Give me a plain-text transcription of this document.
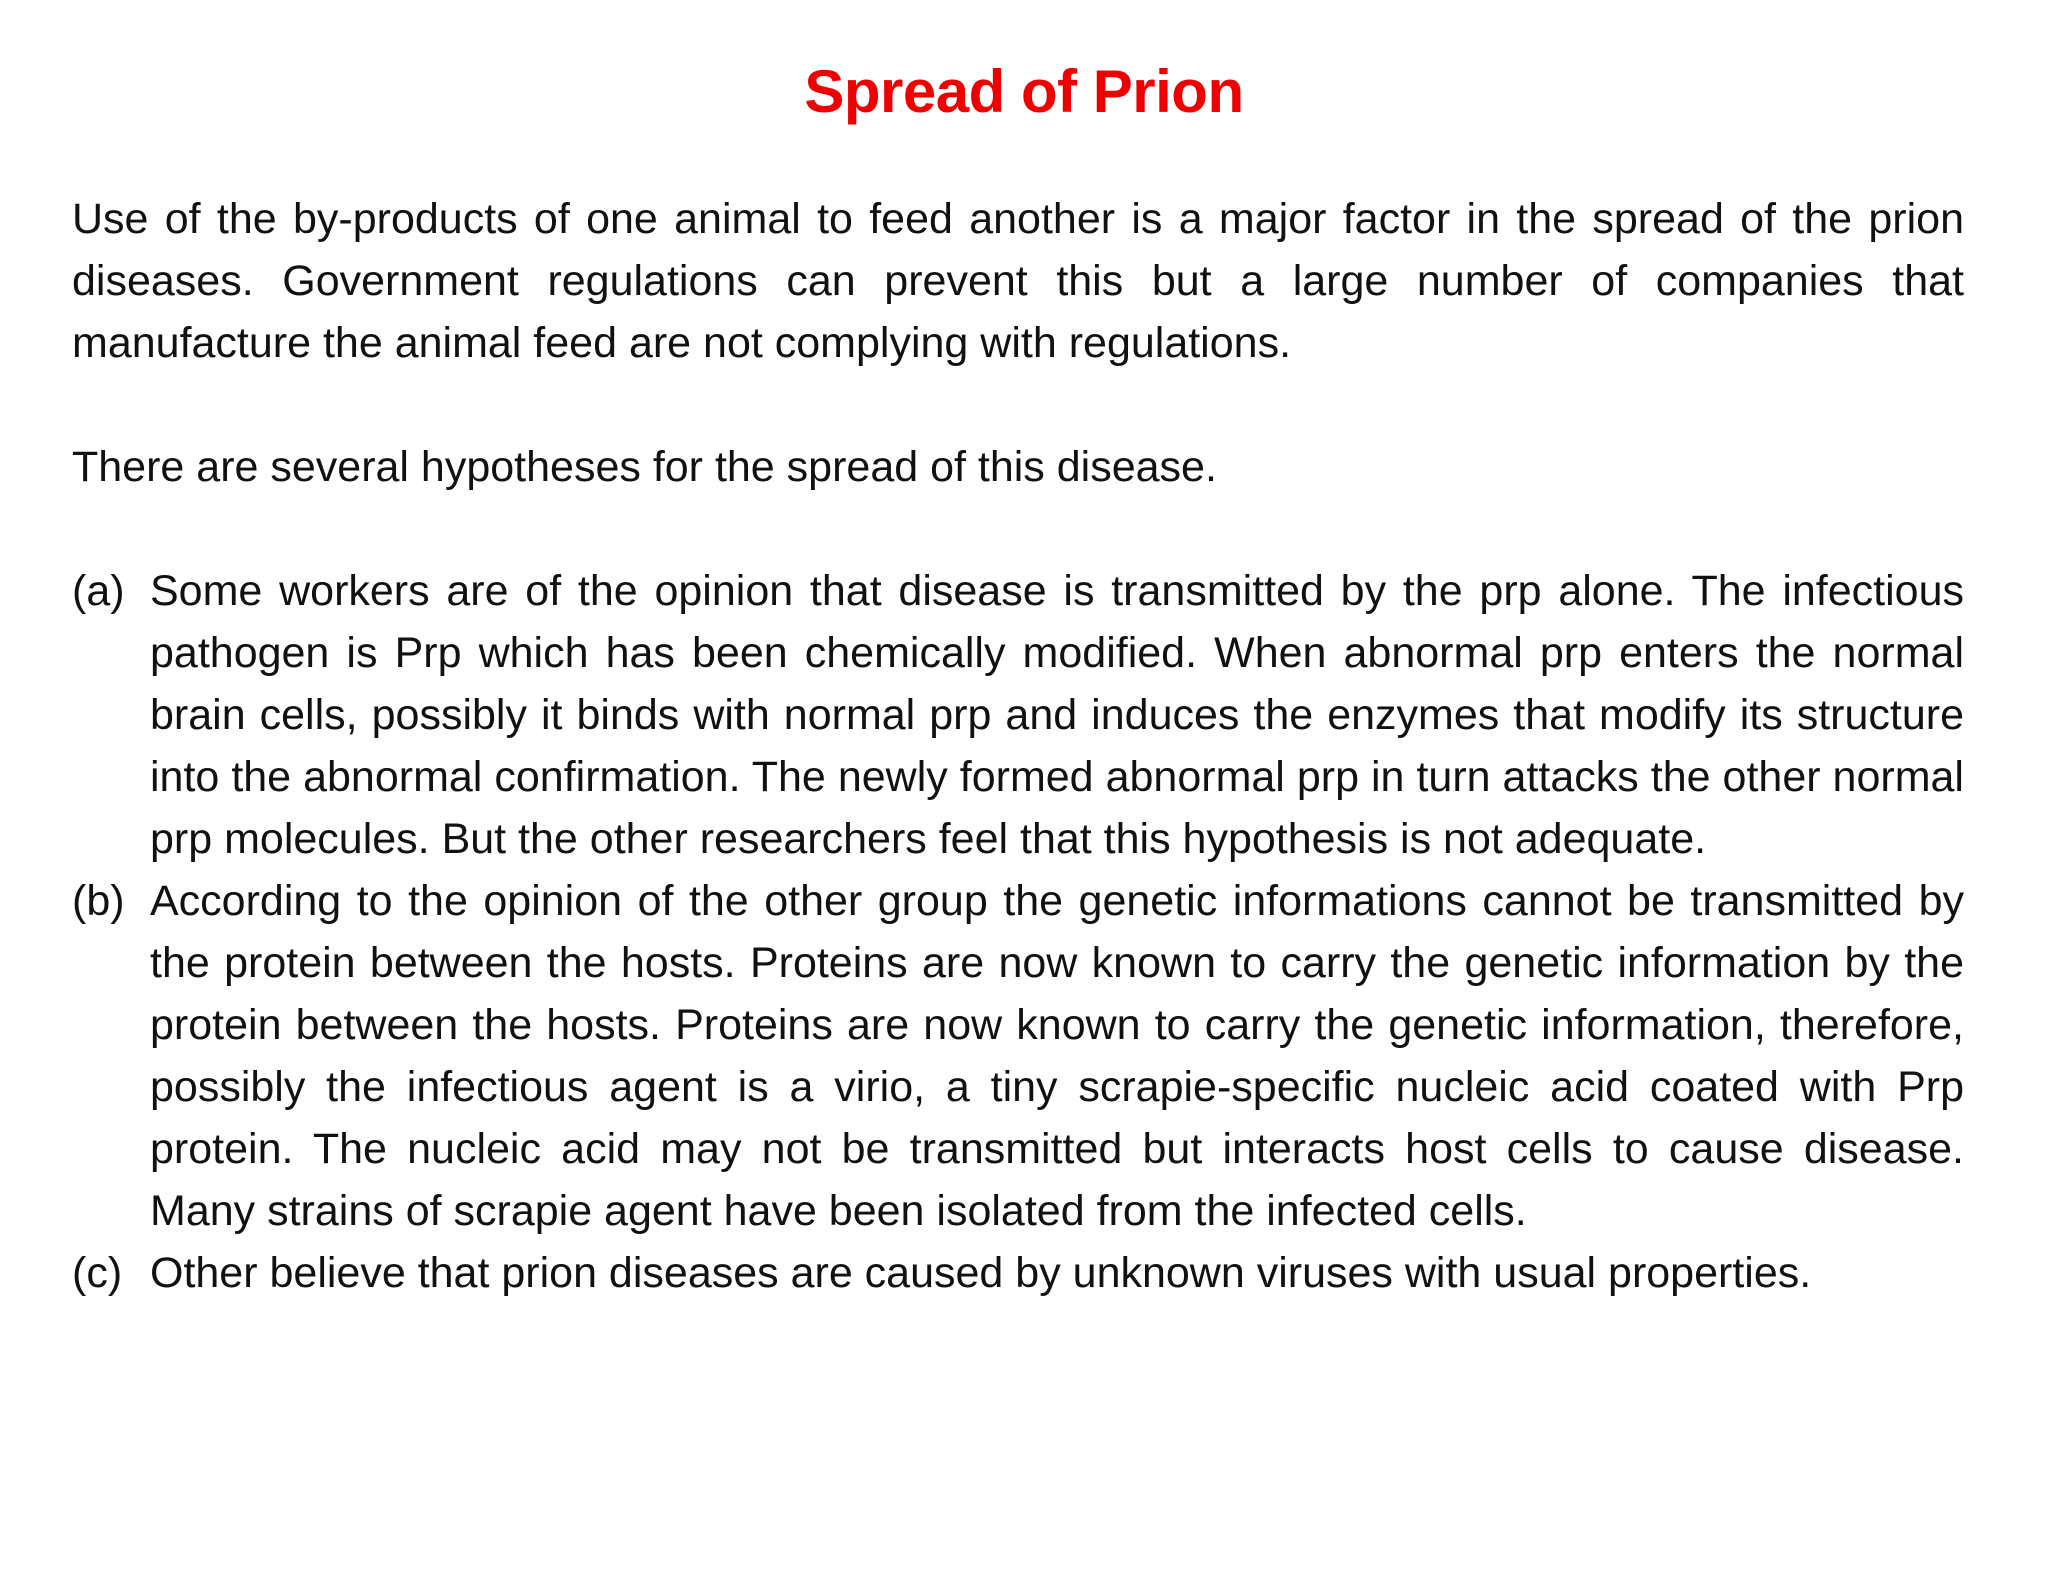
Spread of Prion

Use of the by-products of one animal to feed another is a major factor in the spread of the prion diseases. Government regulations can prevent this but a large number of companies that manufacture the animal feed are not complying with regulations.

There are several hypotheses for the spread of this disease.

(a) Some workers are of the opinion that disease is transmitted by the prp alone. The infectious pathogen is Prp which has been chemically modified. When abnormal prp enters the normal brain cells, possibly it binds with normal prp and induces the enzymes that modify its structure into the abnormal confirmation. The newly formed abnormal prp in turn attacks the other normal prp molecules. But the other researchers feel that this hypothesis is not adequate.
(b) According to the opinion of the other group the genetic informations cannot be transmitted by the protein between the hosts. Proteins are now known to carry the genetic information by the protein between the hosts. Proteins are now known to carry the genetic information, therefore, possibly the infectious agent is a virio, a tiny scrapie-specific nucleic acid coated with Prp protein. The nucleic acid may not be transmitted but interacts host cells to cause disease. Many strains of scrapie agent have been isolated from the infected cells.
(c) Other believe that prion diseases are caused by unknown viruses with usual properties.
